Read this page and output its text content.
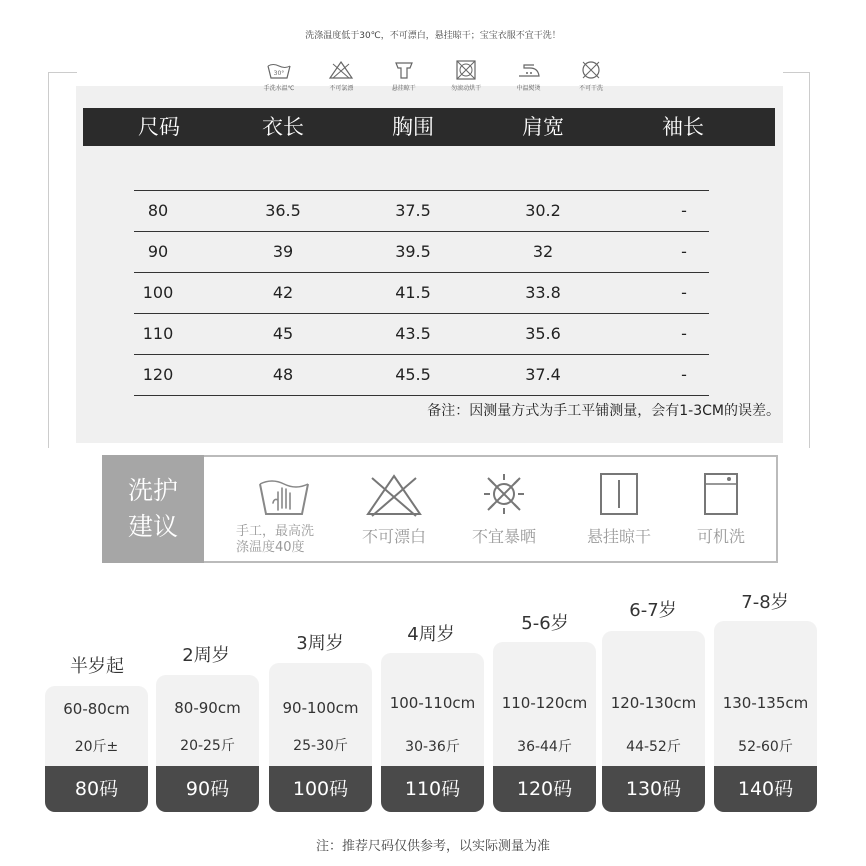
洗涤温度低于30℃，不可漂白，悬挂晾干；宝宝衣服不宜干洗！
30°
手洗水温℃	不可氯漂	悬挂晾干	勿滚动烘干	中温熨烫	不可干洗
尺码	衣长	胸围	肩宽	袖长
80	36.5	37.5	30.2	-
90	39	39.5	32	-
100	42	41.5	33.8	-
110	45	43.5	35.6	-
120	48	45.5	37.4	-
备注：因测量方式为手工平铺测量，会有1-3CM的误差。
洗护
建议	手工，最高洗
涤温度40度
不可漂白	不宜暴晒	悬挂晾干	可机洗
半岁起
60-80cm
20斤±
80码
2周岁
80-90cm
20-25斤
90码
3周岁
90-100cm
25-30斤
100码
4周岁
100-110cm
30-36斤
110码
5-6岁
110-120cm
36-44斤
120码
6-7岁
120-130cm
44-52斤
130码
7-8岁
130-135cm
52-60斤
140码
注：推荐尺码仅供参考，以实际测量为准
